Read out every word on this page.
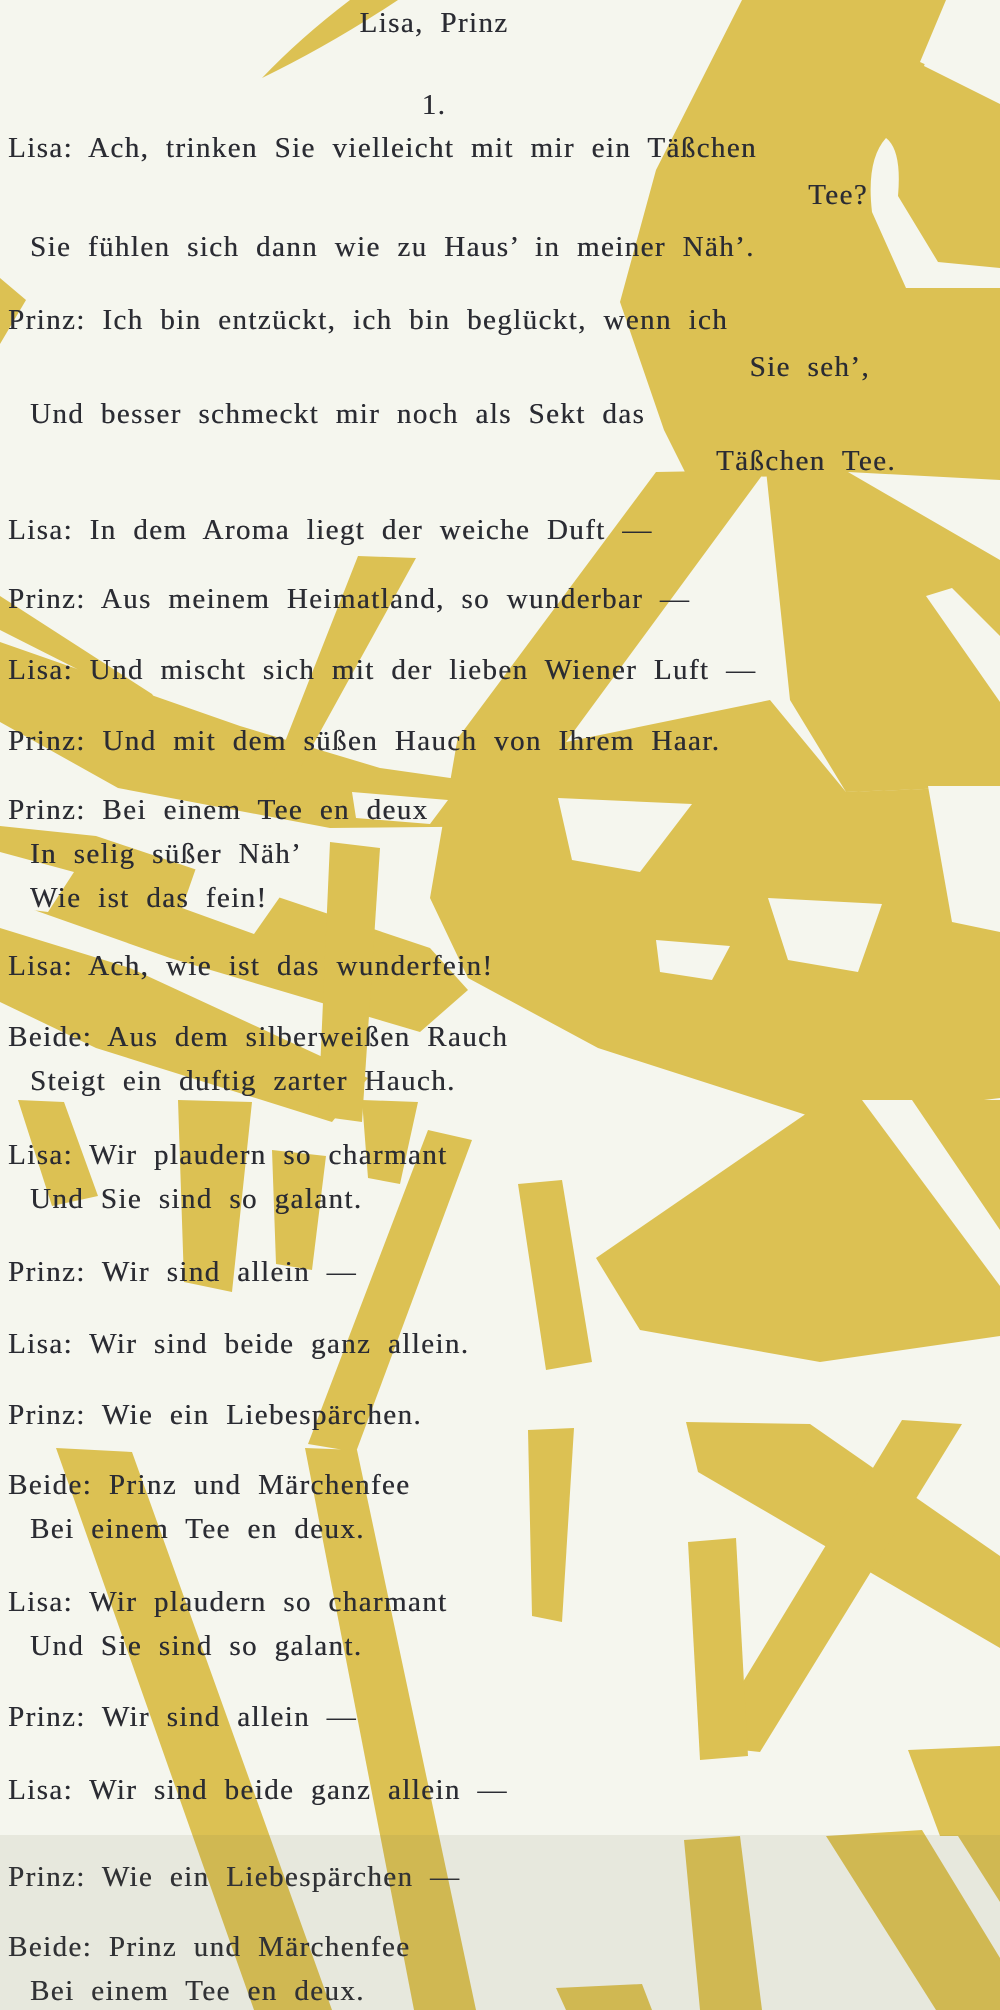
Lisa, Prinz
1.
Lisa: Ach, trinken Sie vielleicht mit mir ein Täßchen
Tee?
Sie fühlen sich dann wie zu Haus’ in meiner Näh’.
Prinz: Ich bin entzückt, ich bin beglückt, wenn ich
Sie seh’,
Und besser schmeckt mir noch als Sekt das
Täßchen Tee.
Lisa: In dem Aroma liegt der weiche Duft —
Prinz: Aus meinem Heimatland, so wunderbar —
Lisa: Und mischt sich mit der lieben Wiener Luft —
Prinz: Und mit dem süßen Hauch von Ihrem Haar.
Prinz: Bei einem Tee en deux
In selig süßer Näh’
Wie ist das fein!
Lisa: Ach, wie ist das wunderfein!
Beide: Aus dem silberweißen Rauch
Steigt ein duftig zarter Hauch.
Lisa: Wir plaudern so charmant
Und Sie sind so galant.
Prinz: Wir sind allein —
Lisa: Wir sind beide ganz allein.
Prinz: Wie ein Liebespärchen.
Beide: Prinz und Märchenfee
Bei einem Tee en deux.
Lisa: Wir plaudern so charmant
Und Sie sind so galant.
Prinz: Wir sind allein —
Lisa: Wir sind beide ganz allein —
Prinz: Wie ein Liebespärchen —
Beide: Prinz und Märchenfee
Bei einem Tee en deux.
